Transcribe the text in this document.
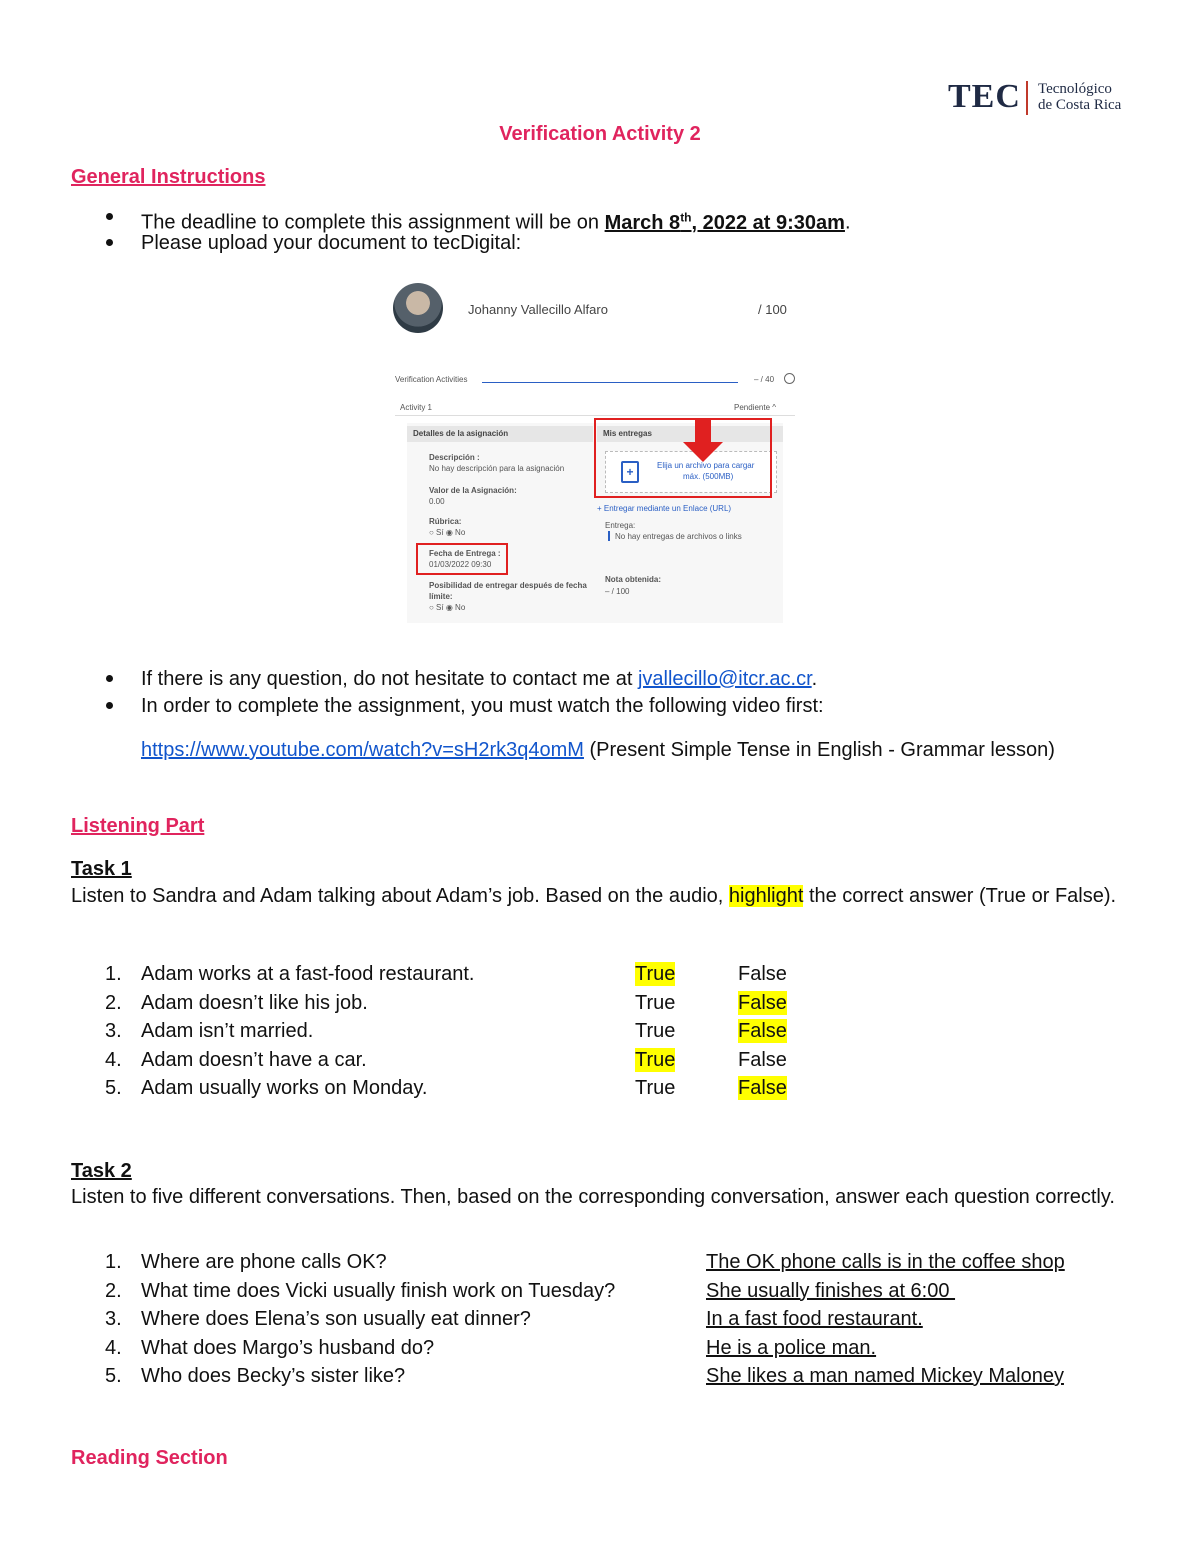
TEC Tecnológico
de Costa Rica
Verification Activity 2
General Instructions
The deadline to complete this assignment will be on March 8th, 2022 at 9:30am.
Please upload your document to tecDigital:
Johanny Vallecillo Alfaro	/ 100
Verification Activities	– / 40
Activity 1	Pendiente ^
Detalles de la asignación	Mis entregas
Descripción :
No hay descripción para la asignación
Valor de la Asignación:
0.00
Rúbrica:
○ Sí ◉ No
Fecha de Entrega :
01/03/2022 09:30
Posibilidad de entregar después de fecha
límite:
○ Sí ◉ No
+	Elija un archivo para cargar
máx. (500MB)
+ Entregar mediante un Enlace (URL)
Entrega:
No hay entregas de archivos o links
Nota obtenida:
– / 100
If there is any question, do not hesitate to contact me at jvallecillo@itcr.ac.cr.
In order to complete the assignment, you must watch the following video first:
https://www.youtube.com/watch?v=sH2rk3q4omM (Present Simple Tense in English - Grammar lesson)
Listening Part
Task 1
Listen to Sandra and Adam talking about Adam’s job. Based on the audio, highlight the correct answer (True or False).
1. Adam works at a fast-food restaurant.	True	False
2. Adam doesn’t like his job.	True	False
3. Adam isn’t married.	True	False
4. Adam doesn’t have a car.	True	False
5. Adam usually works on Monday.	True	False
Task 2
Listen to five different conversations. Then, based on the corresponding conversation, answer each question correctly.
1. Where are phone calls OK?	The OK phone calls is in the coffee shop
2. What time does Vicki usually finish work on Tuesday?	She usually finishes at 6:00
3. Where does Elena’s son usually eat dinner?	In a fast food restaurant.
4. What does Margo’s husband do?	He is a police man.
5. Who does Becky’s sister like?	She likes a man named Mickey Maloney
Reading Section
